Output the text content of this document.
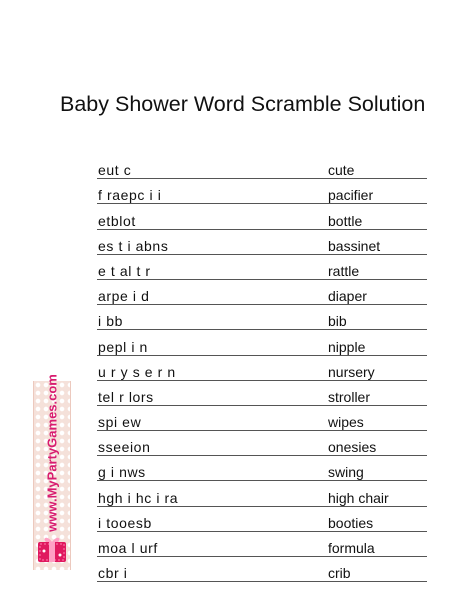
Baby Shower Word Scramble Solution
eut c	cute
f raepc i i	pacifier
etblot	bottle
es t i abns	bassinet
e t al t r	rattle
arpe i d	diaper
i bb	bib
pepl i n	nipple
u r y s e r n	nursery
tel r lors	stroller
spi ew	wipes
sseeion	onesies
g i nws	swing
hgh i hc i ra	high chair
i tooesb	booties
moa l urf	formula
cbr i	crib
www.MyPartyGames.com
